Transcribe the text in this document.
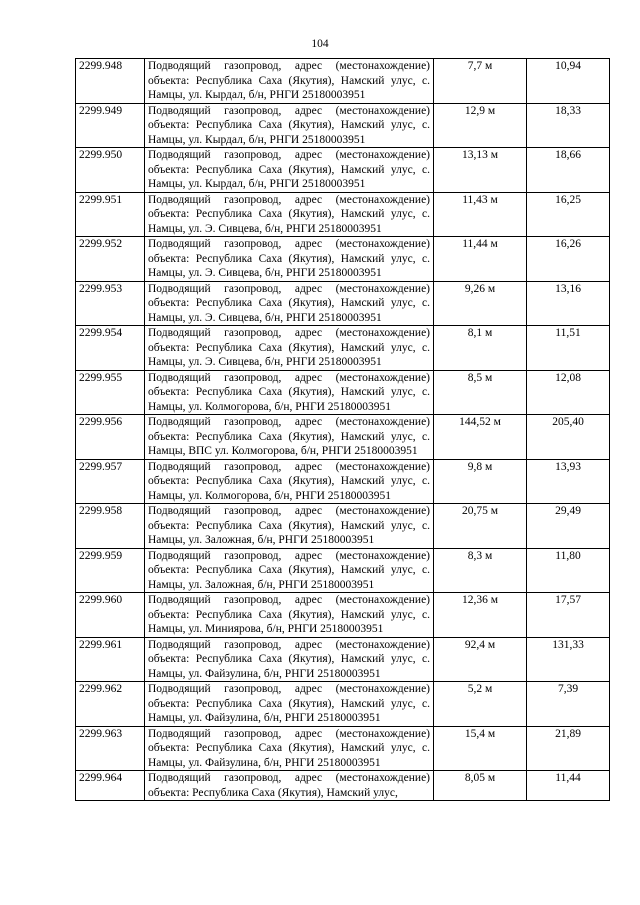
104
2299.948	Подводящий газопровод, адрес (местонахождение) объекта: Республика Саха (Якутия), Намский улус, с. Намцы, ул. Кырдал, б/н, РНГИ 25180003951	7,7 м	10,94
2299.949	Подводящий газопровод, адрес (местонахождение) объекта: Республика Саха (Якутия), Намский улус, с. Намцы, ул. Кырдал, б/н, РНГИ 25180003951	12,9 м	18,33
2299.950	Подводящий газопровод, адрес (местонахождение) объекта: Республика Саха (Якутия), Намский улус, с. Намцы, ул. Кырдал, б/н, РНГИ 25180003951	13,13 м	18,66
2299.951	Подводящий газопровод, адрес (местонахождение) объекта: Республика Саха (Якутия), Намский улус, с. Намцы, ул. Э. Сивцева, б/н, РНГИ 25180003951	11,43 м	16,25
2299.952	Подводящий газопровод, адрес (местонахождение) объекта: Республика Саха (Якутия), Намский улус, с. Намцы, ул. Э. Сивцева, б/н, РНГИ 25180003951	11,44 м	16,26
2299.953	Подводящий газопровод, адрес (местонахождение) объекта: Республика Саха (Якутия), Намский улус, с. Намцы, ул. Э. Сивцева, б/н, РНГИ 25180003951	9,26 м	13,16
2299.954	Подводящий газопровод, адрес (местонахождение) объекта: Республика Саха (Якутия), Намский улус, с. Намцы, ул. Э. Сивцева, б/н, РНГИ 25180003951	8,1 м	11,51
2299.955	Подводящий газопровод, адрес (местонахождение) объекта: Республика Саха (Якутия), Намский улус, с. Намцы, ул. Колмогорова, б/н, РНГИ 25180003951	8,5 м	12,08
2299.956	Подводящий газопровод, адрес (местонахождение) объекта: Республика Саха (Якутия), Намский улус, с. Намцы, ВПС ул. Колмогорова, б/н, РНГИ 25180003951	144,52 м	205,40
2299.957	Подводящий газопровод, адрес (местонахождение) объекта: Республика Саха (Якутия), Намский улус, с. Намцы, ул. Колмогорова, б/н, РНГИ 25180003951	9,8 м	13,93
2299.958	Подводящий газопровод, адрес (местонахождение) объекта: Республика Саха (Якутия), Намский улус, с. Намцы, ул. Заложная, б/н, РНГИ 25180003951	20,75 м	29,49
2299.959	Подводящий газопровод, адрес (местонахождение) объекта: Республика Саха (Якутия), Намский улус, с. Намцы, ул. Заложная, б/н, РНГИ 25180003951	8,3 м	11,80
2299.960	Подводящий газопровод, адрес (местонахождение) объекта: Республика Саха (Якутия), Намский улус, с. Намцы, ул. Миниярова, б/н, РНГИ 25180003951	12,36 м	17,57
2299.961	Подводящий газопровод, адрес (местонахождение) объекта: Республика Саха (Якутия), Намский улус, с. Намцы, ул. Файзулина, б/н, РНГИ 25180003951	92,4 м	131,33
2299.962	Подводящий газопровод, адрес (местонахождение) объекта: Республика Саха (Якутия), Намский улус, с. Намцы, ул. Файзулина, б/н, РНГИ 25180003951	5,2 м	7,39
2299.963	Подводящий газопровод, адрес (местонахождение) объекта: Республика Саха (Якутия), Намский улус, с. Намцы, ул. Файзулина, б/н, РНГИ 25180003951	15,4 м	21,89
2299.964	Подводящий газопровод, адрес (местонахождение) объекта: Республика Саха (Якутия), Намский улус,	8,05 м	11,44
